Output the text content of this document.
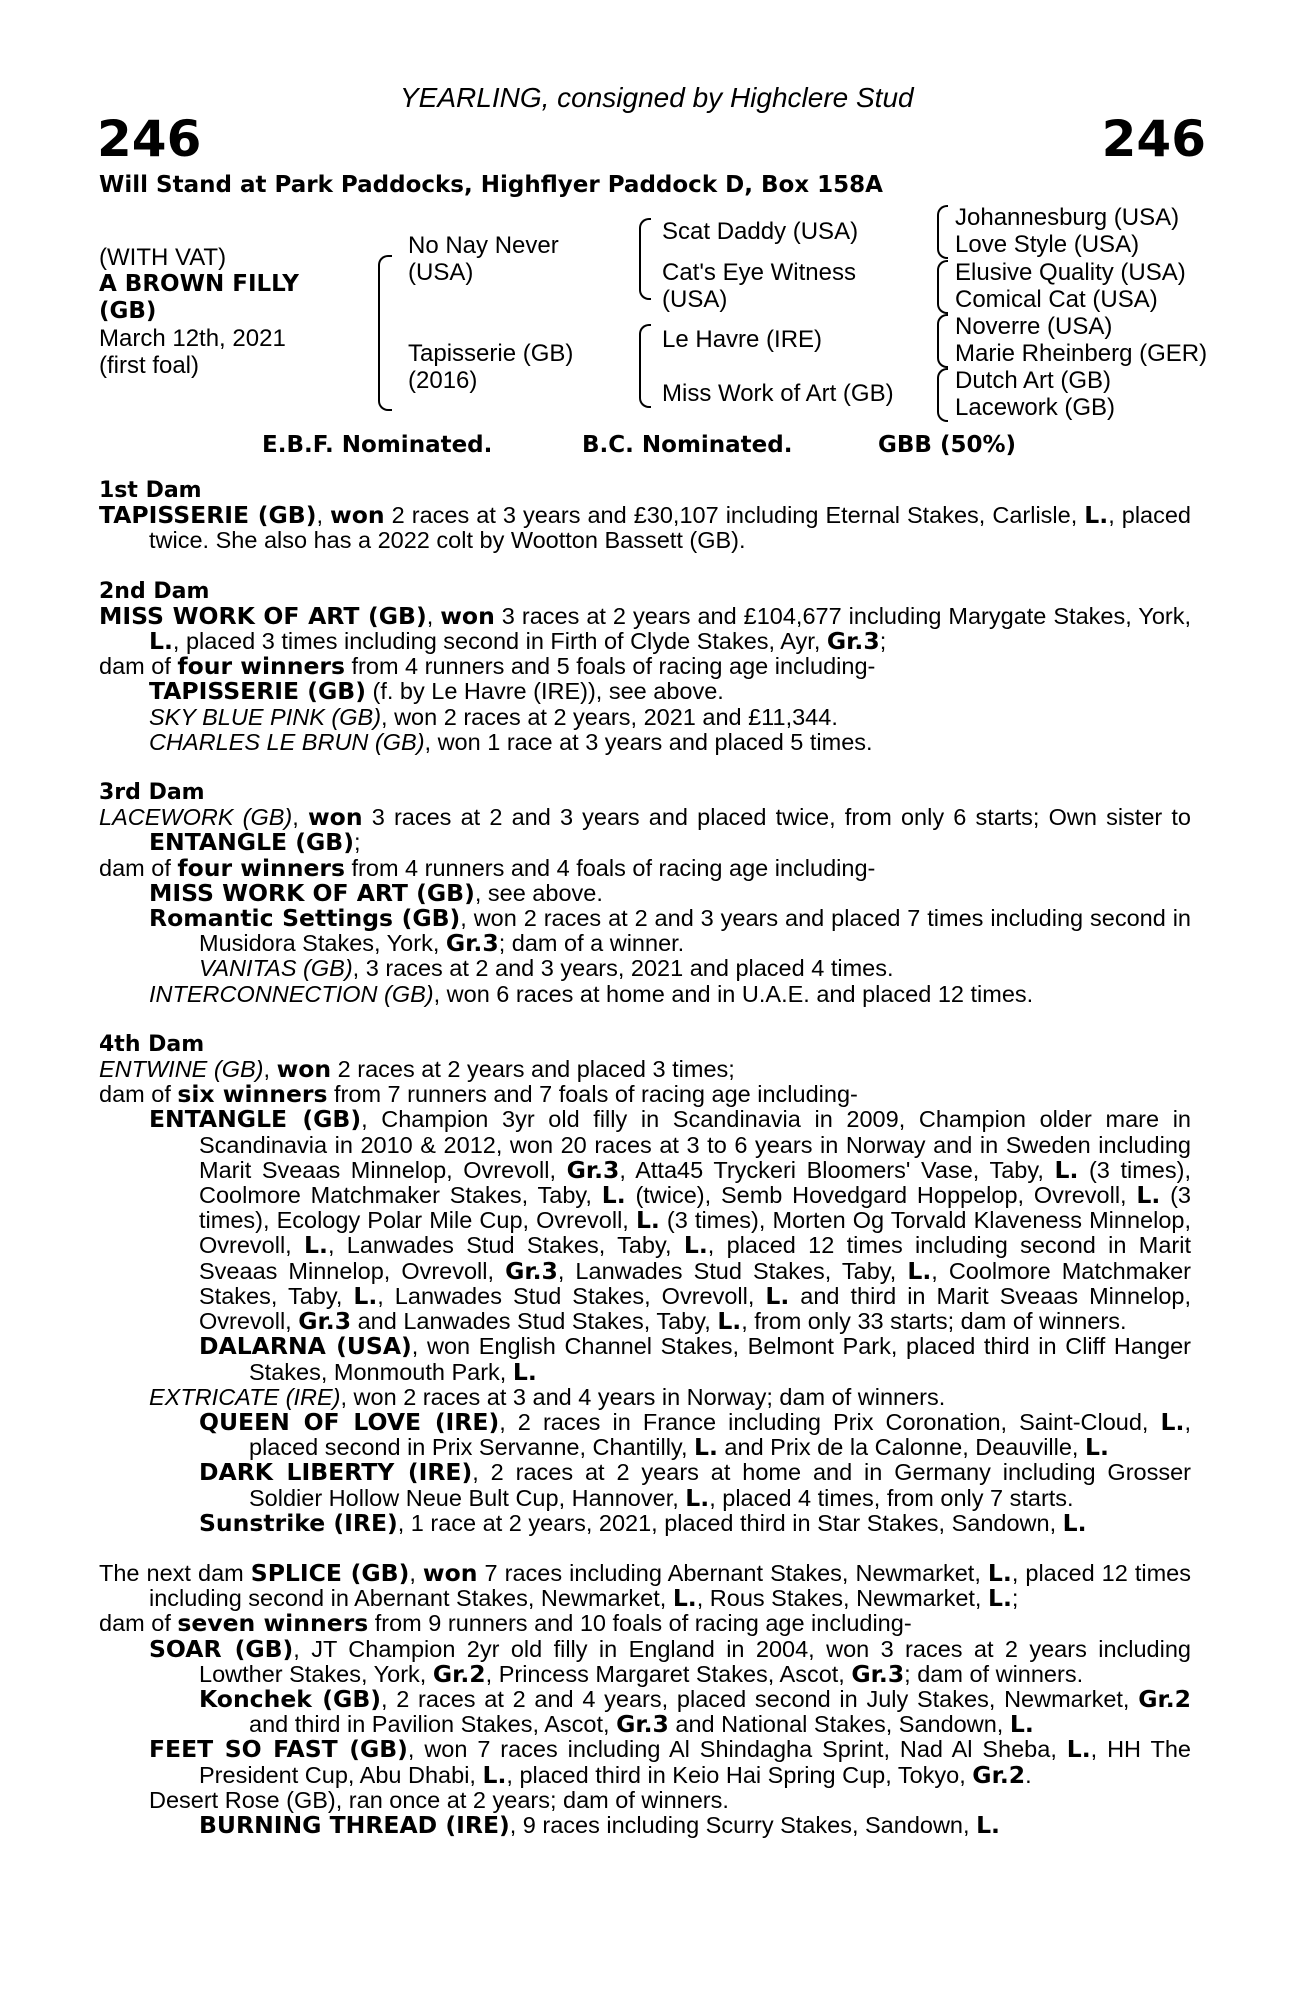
YEARLING, consigned by Highclere Stud
246	246
Will Stand at Park Paddocks, Highflyer Paddock D, Box 158A
(WITH VAT)
A BROWN FILLY
(GB)
March 12th, 2021
(first foal)
No Nay Never
(USA)
Tapisserie (GB)
(2016)
Scat Daddy (USA)
Cat's Eye Witness
(USA)
Le Havre (IRE)
Miss Work of Art (GB)
Johannesburg (USA)
Love Style (USA)
Elusive Quality (USA)
Comical Cat (USA)
Noverre (USA)
Marie Rheinberg (GER)
Dutch Art (GB)
Lacework (GB)
E.B.F. Nominated.	B.C. Nominated.	GBB (50%)

1st Dam

TAPISSERIE (GB), won 2 races at 3 years and £30,107 including Eternal Stakes, Carlisle, L., placed twice. She also has a 2022 colt by Wootton Bassett (GB).

2nd Dam

MISS WORK OF ART (GB), won 3 races at 2 years and £104,677 including Marygate Stakes, York, L., placed 3 times including second in Firth of Clyde Stakes, Ayr, Gr.3;

dam of four winners from 4 runners and 5 foals of racing age including-

TAPISSERIE (GB) (f. by Le Havre (IRE)), see above.

SKY BLUE PINK (GB), won 2 races at 2 years, 2021 and £11,344.

CHARLES LE BRUN (GB), won 1 race at 3 years and placed 5 times.

3rd Dam

LACEWORK (GB), won 3 races at 2 and 3 years and placed twice, from only 6 starts; Own sister to ENTANGLE (GB);

dam of four winners from 4 runners and 4 foals of racing age including-

MISS WORK OF ART (GB), see above.

Romantic Settings (GB), won 2 races at 2 and 3 years and placed 7 times including second in Musidora Stakes, York, Gr.3; dam of a winner.

VANITAS (GB), 3 races at 2 and 3 years, 2021 and placed 4 times.

INTERCONNECTION (GB), won 6 races at home and in U.A.E. and placed 12 times.

4th Dam

ENTWINE (GB), won 2 races at 2 years and placed 3 times;

dam of six winners from 7 runners and 7 foals of racing age including-

ENTANGLE (GB), Champion 3yr old filly in Scandinavia in 2009, Champion older mare in Scandinavia in 2010 & 2012, won 20 races at 3 to 6 years in Norway and in Sweden including Marit Sveaas Minnelop, Ovrevoll, Gr.3, Atta45 Tryckeri Bloomers' Vase, Taby, L. (3 times), Coolmore Matchmaker Stakes, Taby, L. (twice), Semb Hovedgard Hoppelop, Ovrevoll, L. (3 times), Ecology Polar Mile Cup, Ovrevoll, L. (3 times), Morten Og Torvald Klaveness Minnelop, Ovrevoll, L., Lanwades Stud Stakes, Taby, L., placed 12 times including second in Marit Sveaas Minnelop, Ovrevoll, Gr.3, Lanwades Stud Stakes, Taby, L., Coolmore Matchmaker Stakes, Taby, L., Lanwades Stud Stakes, Ovrevoll, L. and third in Marit Sveaas Minnelop, Ovrevoll, Gr.3 and Lanwades Stud Stakes, Taby, L., from only 33 starts; dam of winners.

DALARNA (USA), won English Channel Stakes, Belmont Park, placed third in Cliff Hanger Stakes, Monmouth Park, L.

EXTRICATE (IRE), won 2 races at 3 and 4 years in Norway; dam of winners.

QUEEN OF LOVE (IRE), 2 races in France including Prix Coronation, Saint-Cloud, L., placed second in Prix Servanne, Chantilly, L. and Prix de la Calonne, Deauville, L.

DARK LIBERTY (IRE), 2 races at 2 years at home and in Germany including Grosser Soldier Hollow Neue Bult Cup, Hannover, L., placed 4 times, from only 7 starts.

Sunstrike (IRE), 1 race at 2 years, 2021, placed third in Star Stakes, Sandown, L.

The next dam SPLICE (GB), won 7 races including Abernant Stakes, Newmarket, L., placed 12 times including second in Abernant Stakes, Newmarket, L., Rous Stakes, Newmarket, L.;

dam of seven winners from 9 runners and 10 foals of racing age including-

SOAR (GB), JT Champion 2yr old filly in England in 2004, won 3 races at 2 years including Lowther Stakes, York, Gr.2, Princess Margaret Stakes, Ascot, Gr.3; dam of winners.

Konchek (GB), 2 races at 2 and 4 years, placed second in July Stakes, Newmarket, Gr.2 and third in Pavilion Stakes, Ascot, Gr.3 and National Stakes, Sandown, L.

FEET SO FAST (GB), won 7 races including Al Shindagha Sprint, Nad Al Sheba, L., HH The President Cup, Abu Dhabi, L., placed third in Keio Hai Spring Cup, Tokyo, Gr.2.

Desert Rose (GB), ran once at 2 years; dam of winners.

BURNING THREAD (IRE), 9 races including Scurry Stakes, Sandown, L.
